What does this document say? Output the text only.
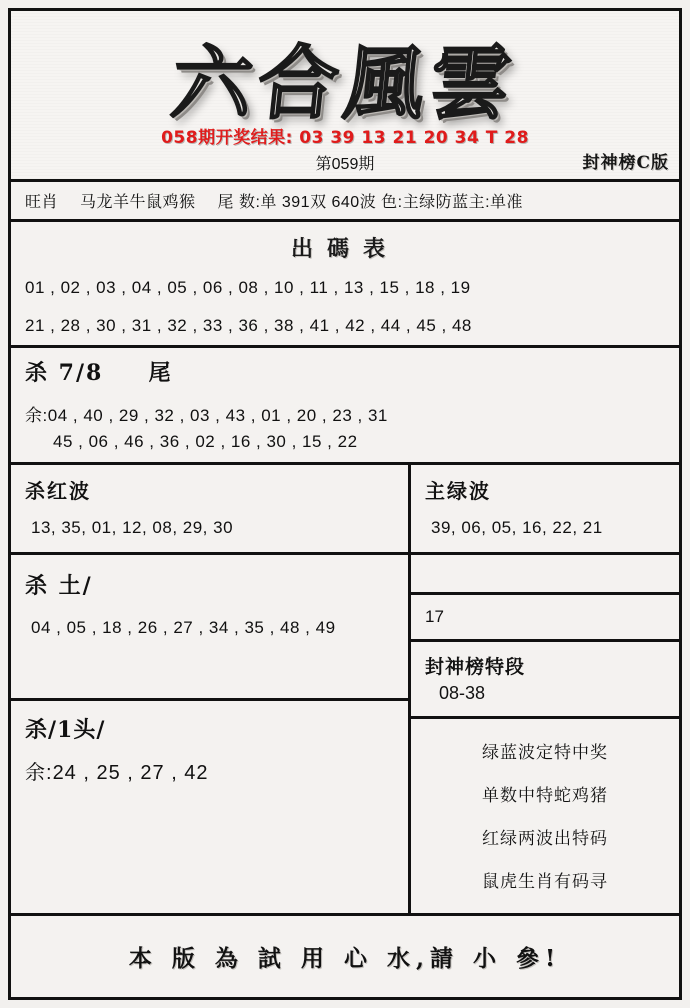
六合風雲
058期开奖结果: 03 39 13 21 20 34 T 28
第059期	封神榜C版
旺肖 马龙羊牛鼠鸡猴 尾 数:单 391双 640波 色:主绿防蓝主:单准
出碼表
01 , 02 , 03 , 04 , 05 , 06 , 08 , 10 , 11 , 13 , 15 , 18 , 19
21 , 28 , 30 , 31 , 32 , 33 , 36 , 38 , 41 , 42 , 44 , 45 , 48
杀 7/8 尾
余:04 , 40 , 29 , 32 , 03 , 43 , 01 , 20 , 23 , 31
45 , 06 , 46 , 36 , 02 , 16 , 30 , 15 , 22
杀红波
13, 35, 01, 12, 08, 29, 30
杀 土/
04 , 05 , 18 , 26 , 27 , 34 , 35 , 48 , 49
杀/1头/
余:24 , 25 , 27 , 42
主绿波
39, 06, 05, 16, 22, 21
17
封神榜特段
08-38
绿蓝波定特中奖
单数中特蛇鸡猪
红绿两波出特码
鼠虎生肖有码寻
本 版 為 試 用 心 水,請 小 參!
